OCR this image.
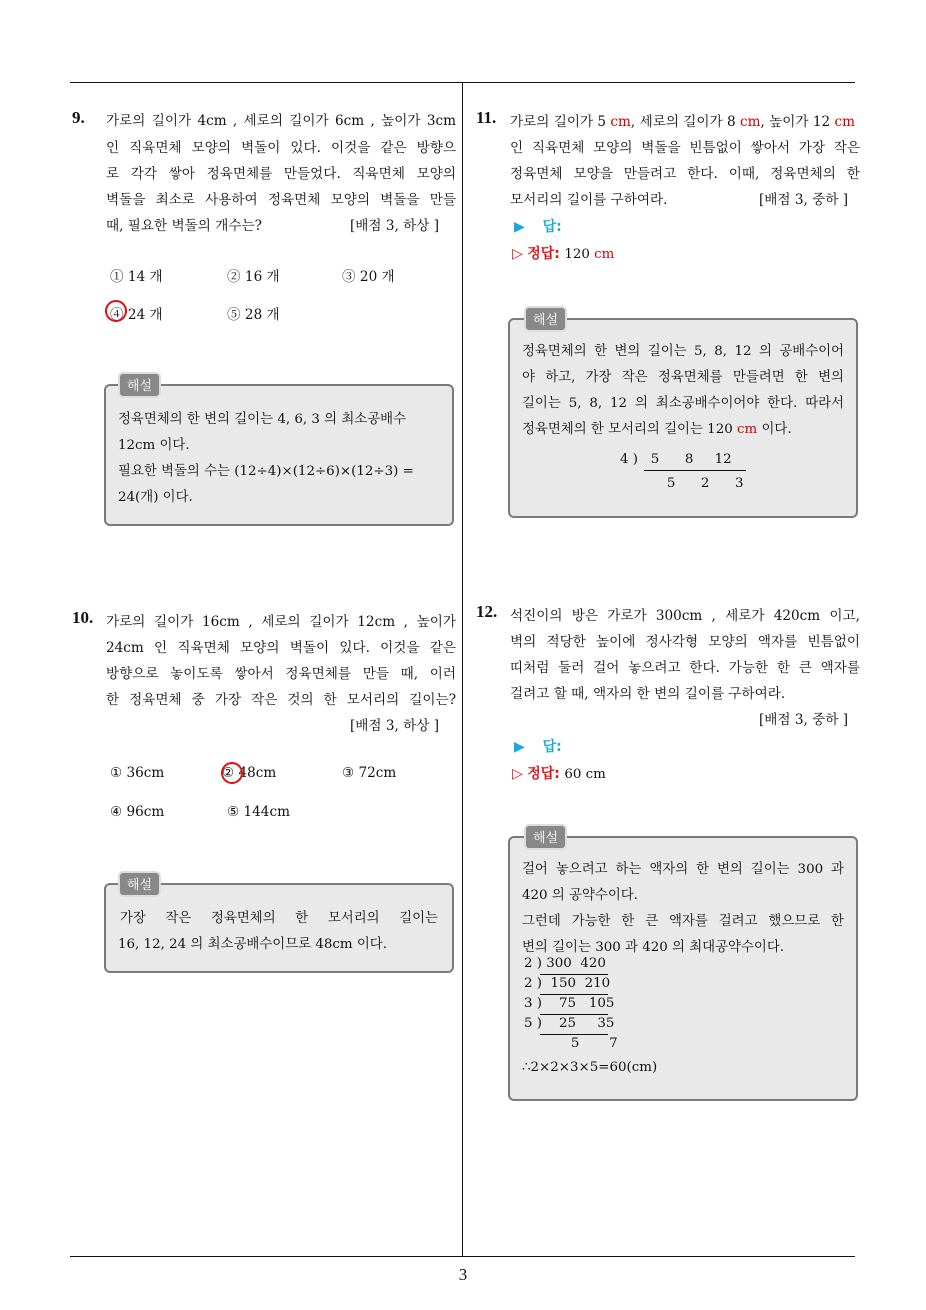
9. 가로의 길이가 4cm , 세로의 길이가 6cm , 높이가 3cm
인 직육면체 모양의 벽돌이 있다. 이것을 같은 방향으
로 각각 쌓아 정육면체를 만들었다. 직육면체 모양의
벽돌을 최소로 사용하여 정육면체 모양의 벽돌을 만들
때, 필요한 벽돌의 개수는?	[배점 3, 하상 ]
① 14 개	② 16 개	③ 20 개
④ 24 개	⑤ 28 개
해설
정육면체의 한 변의 길이는 4, 6, 3 의 최소공배수
12cm 이다.
필요한 벽돌의 수는 (12÷4)×(12÷6)×(12÷3) =
24(개) 이다.
10. 가로의 길이가 16cm , 세로의 길이가 12cm , 높이가
24cm 인 직육면체 모양의 벽돌이 있다. 이것을 같은
방향으로 놓이도록 쌓아서 정육면체를 만들 때, 이러
한 정육면체 중 가장 작은 것의 한 모서리의 길이는?
[배점 3, 하상 ]
① 36cm	② 48cm	③ 72cm
④ 96cm	⑤ 144cm
해설
가장 작은 정육면체의 한 모서리의 길이는
16, 12, 24 의 최소공배수이므로 48cm 이다.
11. 가로의 길이가 5 cm, 세로의 길이가 8 cm, 높이가 12 cm
인 직육면체 모양의 벽돌을 빈틈없이 쌓아서 가장 작은
정육면체 모양을 만들려고 한다. 이때, 정육면체의 한
모서리의 길이를 구하여라.	[배점 3, 중하 ]
▶ 답:
▷ 정답: 120 cm
해설
정육면체의 한 변의 길이는 5, 8, 12 의 공배수이어
야 하고, 가장 작은 정육면체를 만들려면 한 변의
길이는 5, 8, 12 의 최소공배수이어야 한다. 따라서
정육면체의 한 모서리의 길이는 120 cm 이다.
4 )   5      8     12
5      2      3
12. 석진이의 방은 가로가 300cm , 세로가 420cm 이고,
벽의 적당한 높이에 정사각형 모양의 액자를 빈틈없이
띠처럼 둘러 걸어 놓으려고 한다. 가능한 한 큰 액자를
걸려고 할 때, 액자의 한 변의 길이를 구하여라.
[배점 3, 중하 ]
▶ 답:
▷ 정답: 60 cm
해설
걸어 놓으려고 하는 액자의 한 변의 길이는 300 과
420 의 공약수이다.
그런데 가능한 한 큰 액자를 걸려고 했으므로 한
변의 길이는 300 과 420 의 최대공약수이다.
2 ) 300  420
2 )  150  210
3 )    75   105
5 )    25     35
5       7
∴2×2×3×5=60(cm)
3
